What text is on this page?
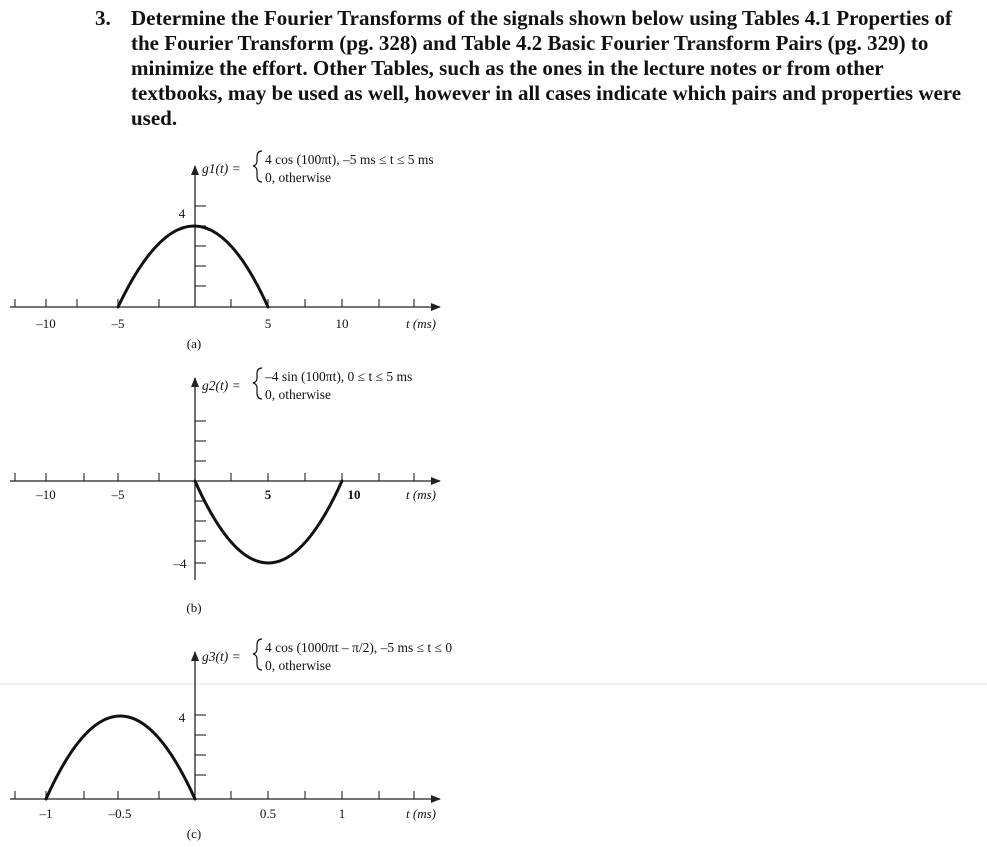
3. Determine the Fourier Transforms of the signals shown below using Tables 4.1 Properties of the Fourier Transform (pg. 328) and Table 4.2 Basic Fourier Transform Pairs (pg. 329) to minimize the effort. Other Tables, such as the ones in the lecture notes or from other textbooks, may be used as well, however in all cases indicate which pairs and properties were used.
4
–10	–5	5	10	t (ms)
g1(t) =
4 cos (100πt), –5 ms ≤ t ≤ 5 ms
0, otherwise
(a)
–4
–10	–5	5	10	t (ms)
g2(t) =
–4 sin (100πt), 0 ≤ t ≤ 5 ms
0, otherwise
(b)
4
–1	–0.5	0.5	1	t (ms)
g3(t) =
4 cos (1000πt – π/2), –5 ms ≤ t ≤ 0
0, otherwise
(c)
